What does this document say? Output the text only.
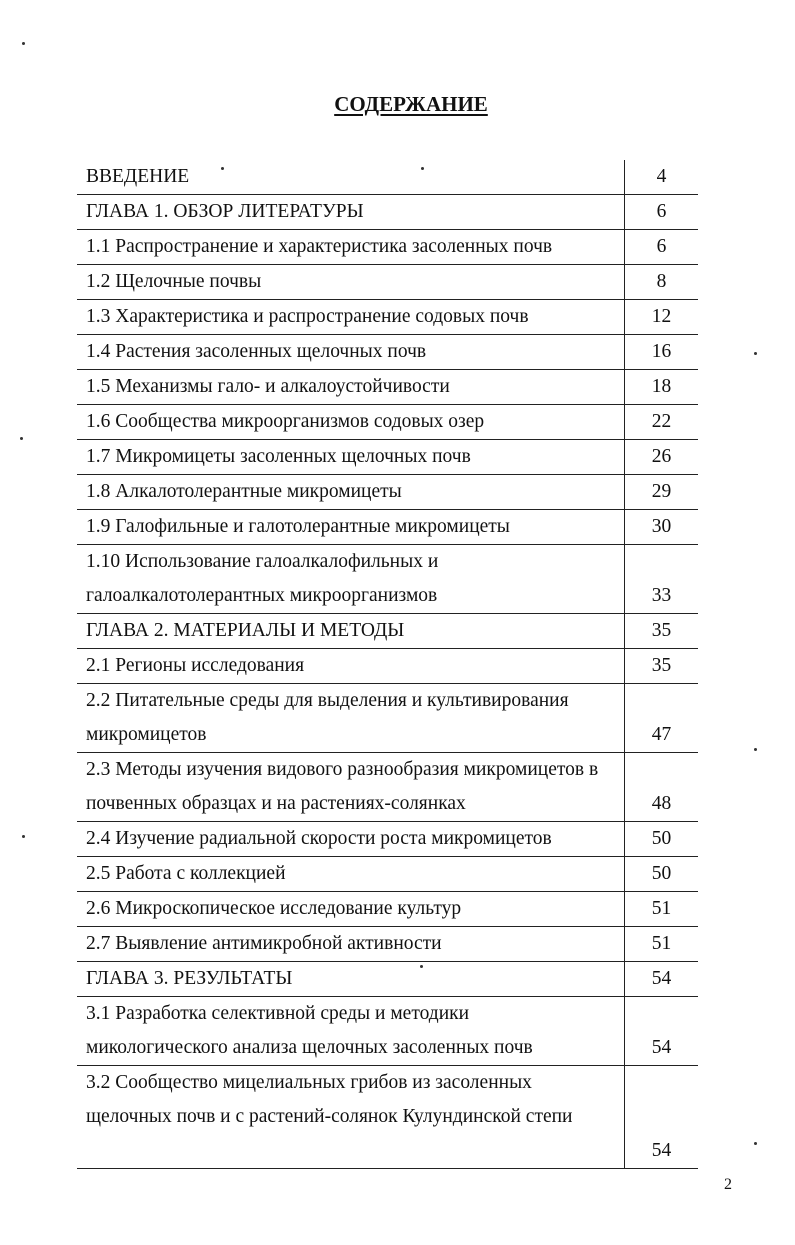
СОДЕРЖАНИЕ
ВВЕДЕНИЕ	4
ГЛАВА 1. ОБЗОР ЛИТЕРАТУРЫ	6
1.1 Распространение и характеристика засоленных почв	6
1.2 Щелочные почвы	8
1.3 Характеристика и распространение содовых почв	12
1.4 Растения засоленных щелочных почв	16
1.5 Механизмы гало- и алкалоустойчивости	18
1.6 Сообщества микроорганизмов содовых озер	22
1.7 Микромицеты засоленных щелочных почв	26
1.8 Алкалотолерантные микромицеты	29
1.9 Галофильные и галотолерантные микромицеты	30

1.10 Использование галоалкалофильных и
галоалкалотолерантных микроорганизмов	33
ГЛАВА 2. МАТЕРИАЛЫ И МЕТОДЫ	35
2.1 Регионы исследования	35

2.2 Питательные среды для выделения и культивирования
микромицетов	47

2.3 Методы изучения видового разнообразия микромицетов в
почвенных образцах и на растениях-солянках	48
2.4 Изучение радиальной скорости роста микромицетов	50
2.5 Работа с коллекцией	50
2.6 Микроскопическое исследование культур	51
2.7 Выявление антимикробной активности	51
ГЛАВА 3. РЕЗУЛЬТАТЫ	54

3.1 Разработка селективной среды и методики
микологического анализа щелочных засоленных почв	54

3.2 Сообщество мицелиальных грибов из засоленных
щелочных почв и с растений-солянок Кулундинской степи	54
2
